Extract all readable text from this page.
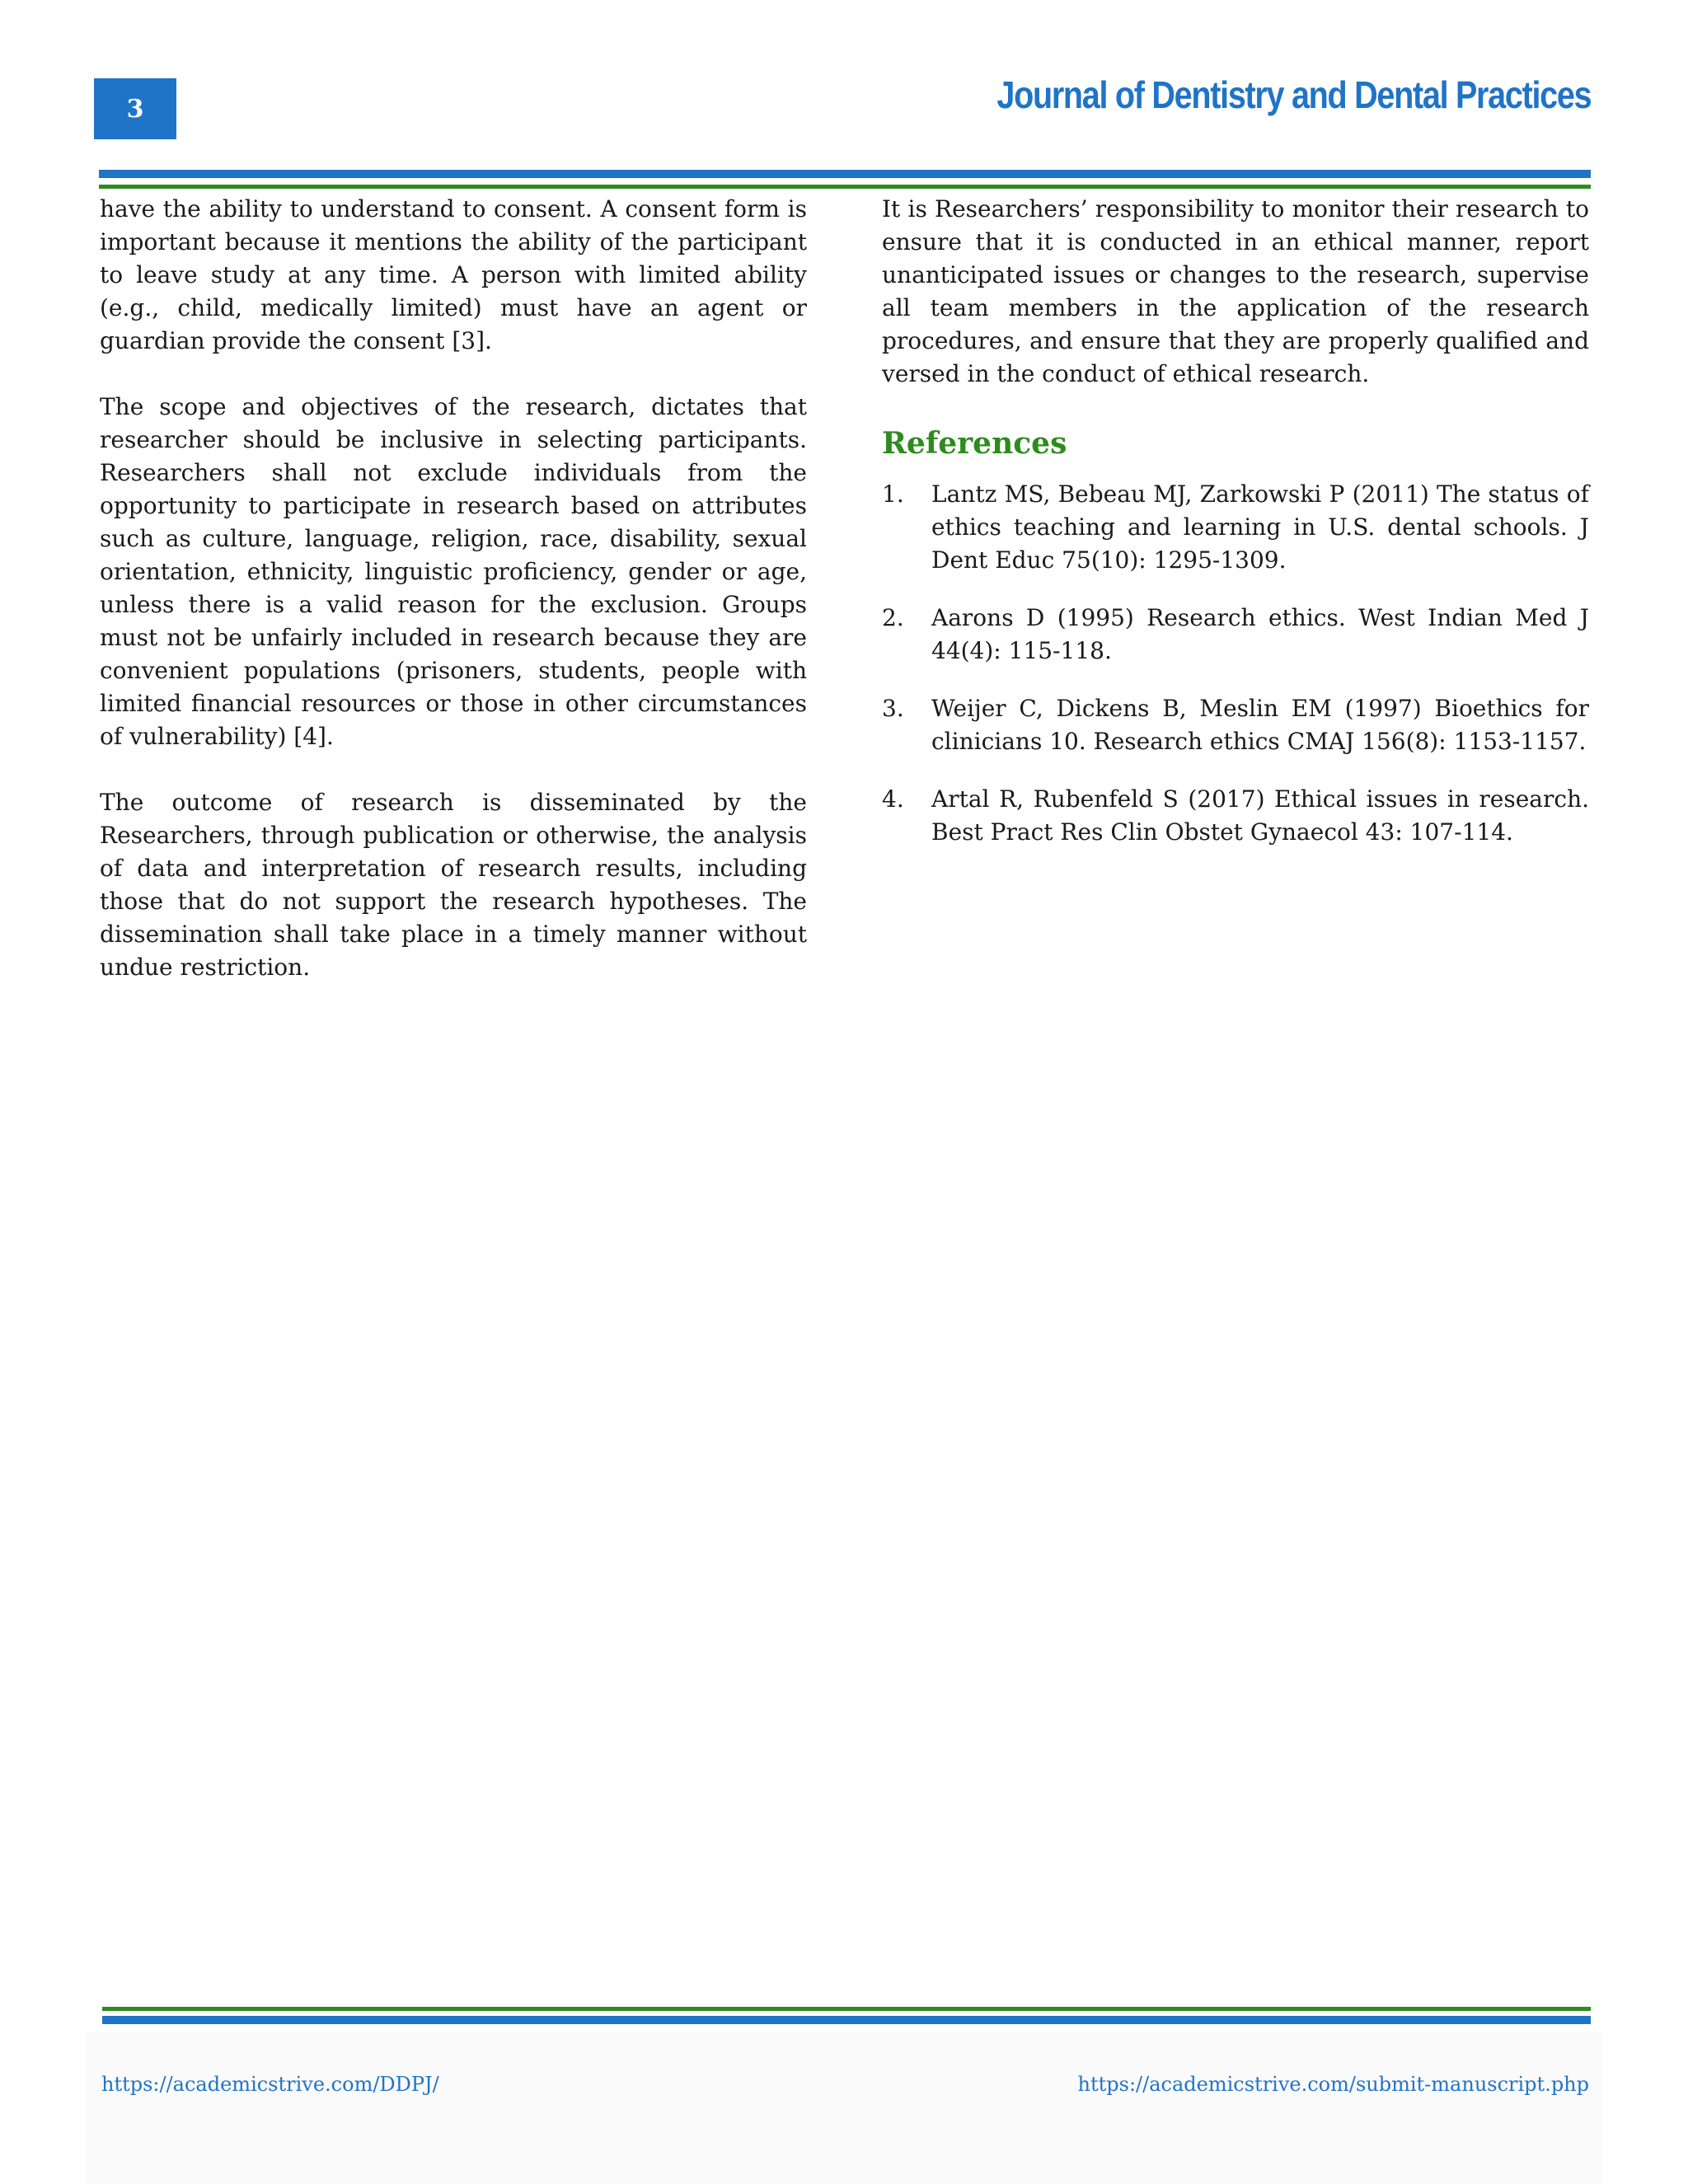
3	Journal of Dentistry and Dental Practices

have the ability to understand to consent. A consent form is important because it mentions the ability of the participant to leave study at any time. A person with limited ability (e.g., child, medically limited) must have an agent or guardian provide the consent [3].

The scope and objectives of the research, dictates that researcher should be inclusive in selecting participants. Researchers shall not exclude individuals from the opportunity to participate in research based on attributes such as culture, language, religion, race, disability, sexual orientation, ethnicity, linguistic proficiency, gender or age, unless there is a valid reason for the exclusion. Groups must not be unfairly included in research because they are convenient populations (prisoners, students, people with limited financial resources or those in other circumstances of vulnerability) [4].

The outcome of research is disseminated by the Researchers, through publication or otherwise, the analysis of data and interpretation of research results, including those that do not support the research hypotheses. The dissemination shall take place in a timely manner without undue restriction.

It is Researchers’ responsibility to monitor their research to ensure that it is conducted in an ethical manner, report unanticipated issues or changes to the research, supervise all team members in the application of the research procedures, and ensure that they are properly qualified and versed in the conduct of ethical research.

References
1.	Lantz MS, Bebeau MJ, Zarkowski P (2011) The status of ethics teaching and learning in U.S. dental schools. J Dent Educ 75(10): 1295-1309.
2.	Aarons D (1995) Research ethics. West Indian Med J 44(4): 115-118.
3.	Weijer C, Dickens B, Meslin EM (1997) Bioethics for clinicians 10. Research ethics CMAJ 156(8): 1153-1157.
4.	Artal R, Rubenfeld S (2017) Ethical issues in research. Best Pract Res Clin Obstet Gynaecol 43: 107-114.
https://academicstrive.com/DDPJ/	https://academicstrive.com/submit-manuscript.php
